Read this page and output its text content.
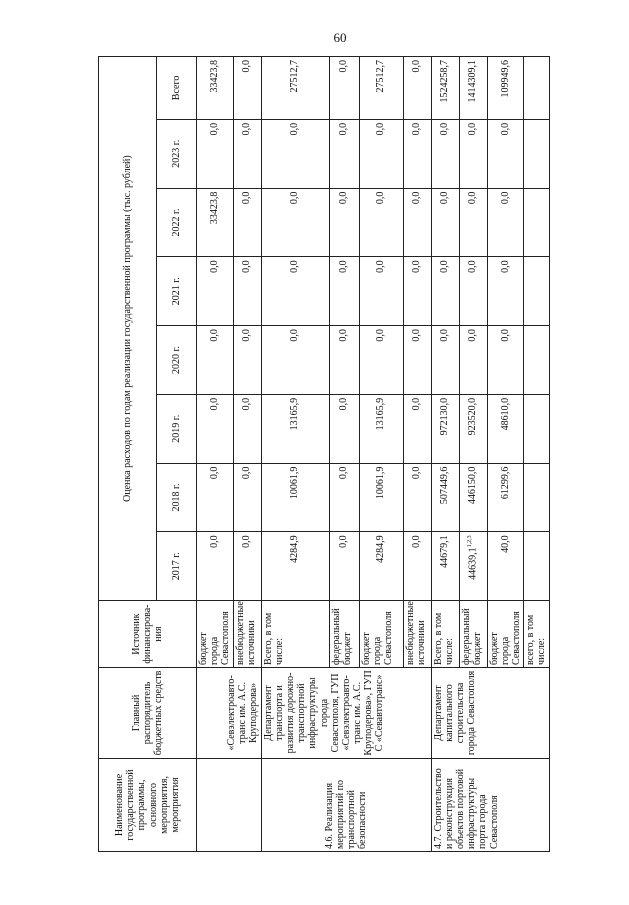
60
Наименование государственной программы, основного мероприятия, мероприятия	Главный распорядитель бюджетных средств	Источник финансирова-ния	Оценка расходов по годам реализации государственной программы (тыс. рублей)							
			2017 г.	2018 г.	2019 г.	2020 г.	2021 г.	2022 г.	2023 г.	Всего
	«Севэлектроавто-транс им. А.С. Круподерова»	бюджет города Севастополя	0,0	0,0	0,0	0,0	0,0	33423,8	0,0	33423,8
		внебюджетные источники	0,0	0,0	0,0	0,0	0,0	0,0	0,0	0,0
4.6. Реализация мероприятий по транспортной безопасности	Департамент транспорта и развития дорожно-транспортной инфраструктуры города Севастополя, ГУП «Севэлектроавто-транс им. А.С. Круподерова», ГУП С «Севавтотранс»	Всего, в том числе:	4284,9	10061,9	13165,9	0,0	0,0	0,0	0,0	27512,7
		федеральный бюджет	0,0	0,0	0,0	0,0	0,0	0,0	0,0	0,0
		бюджет города Севастополя	4284,9	10061,9	13165,9	0,0	0,0	0,0	0,0	27512,7
		внебюджетные источники	0,0	0,0	0,0	0,0	0,0	0,0	0,0	0,0
4.7. Строительство и реконструкция объектов портовой инфраструктуры порта города Севастополя	Департамент капитального строительства города Севастополя	Всего, в том числе:	44679,1	507449,6	972130,0	0,0	0,0	0,0	0,0	1524258,7
		федеральный бюджет	44639,1$^{1,2,3}$	446150,0	923520,0	0,0	0,0	0,0	0,0	1414309,1
		бюджет города Севастополя	40,0	61299,6	48610,0	0,0	0,0	0,0	0,0	109949,6
		всего, в том числе:								
